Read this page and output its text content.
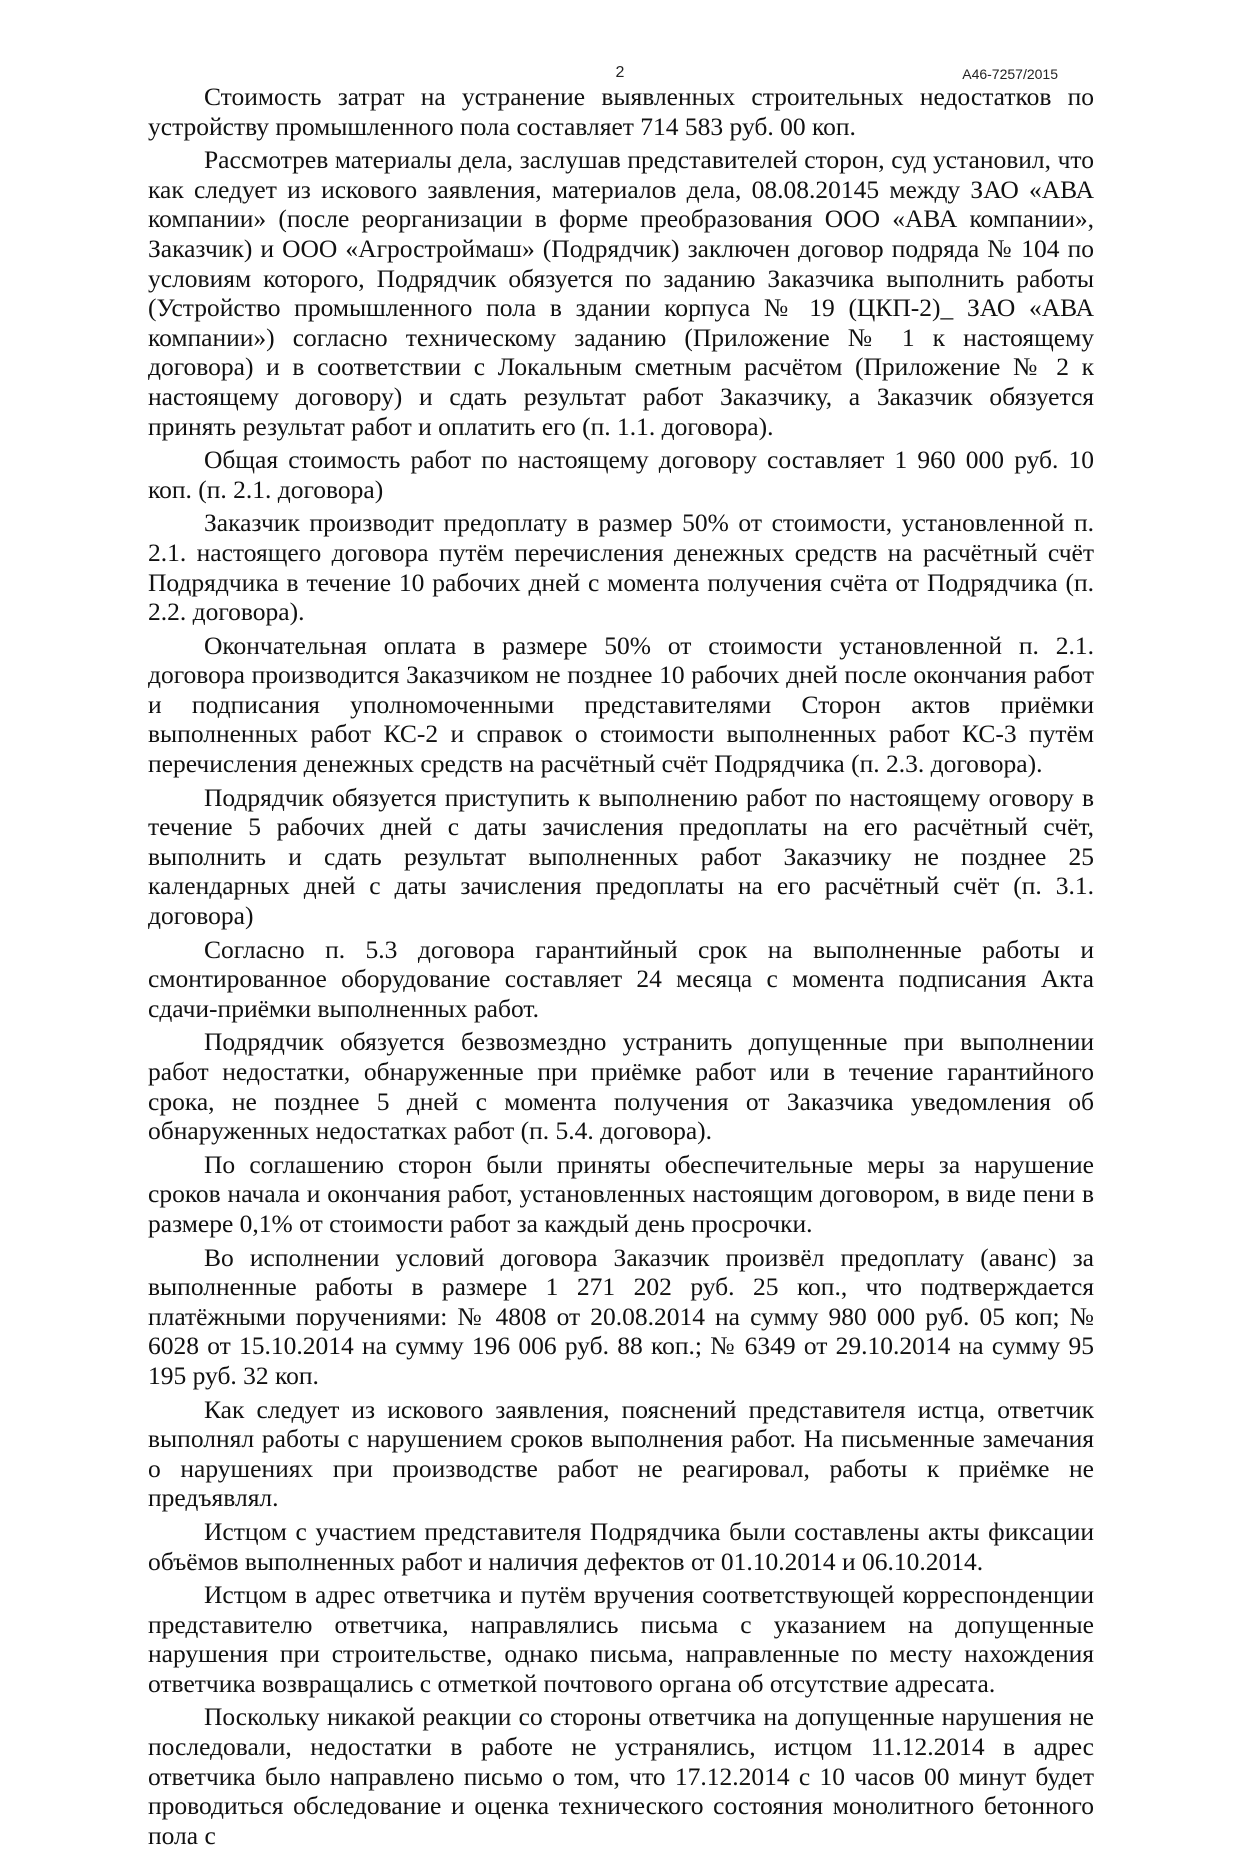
2	А46-7257/2015

Стоимость затрат на устранение выявленных строительных недостатков по устройству промышленного пола составляет 714 583 руб. 00 коп.

Рассмотрев материалы дела, заслушав представителей сторон, суд установил, что как следует из искового заявления, материалов дела, 08.08.20145 между ЗАО «АВА компании» (после реорганизации в форме преобразования ООО «АВА компании», Заказчик) и ООО «Агростроймаш» (Подрядчик) заключен договор подряда № 104 по условиям которого, Подрядчик обязуется по заданию Заказчика выполнить работы (Устройство промышленного пола в здании корпуса № 19 (ЦКП-2)_ ЗАО «АВА компании») согласно техническому заданию (Приложение № 1 к настоящему договора) и в соответствии с Локальным сметным расчётом (Приложение № 2 к настоящему договору) и сдать результат работ Заказчику, а Заказчик обязуется принять результат работ и оплатить его (п. 1.1. договора).

Общая стоимость работ по настоящему договору составляет 1 960 000 руб. 10 коп. (п. 2.1. договора)

Заказчик производит предоплату в размер 50% от стоимости, установленной п. 2.1. настоящего договора путём перечисления денежных средств на расчётный счёт Подрядчика в течение 10 рабочих дней с момента получения счёта от Подрядчика (п. 2.2. договора).

Окончательная оплата в размере 50% от стоимости установленной п. 2.1. договора производится Заказчиком не позднее 10 рабочих дней после окончания работ и подписания уполномоченными представителями Сторон актов приёмки выполненных работ КС-2 и справок о стоимости выполненных работ КС-3 путём перечисления денежных средств на расчётный счёт Подрядчика (п. 2.3. договора).

Подрядчик обязуется приступить к выполнению работ по настоящему оговору в течение 5 рабочих дней с даты зачисления предоплаты на его расчётный счёт, выполнить и сдать результат выполненных работ Заказчику не позднее 25 календарных дней с даты зачисления предоплаты на его расчётный счёт (п. 3.1. договора)

Согласно п. 5.3 договора гарантийный срок на выполненные работы и смонтированное оборудование составляет 24 месяца с момента подписания Акта сдачи-приёмки выполненных работ.

Подрядчик обязуется безвозмездно устранить допущенные при выполнении работ недостатки, обнаруженные при приёмке работ или в течение гарантийного срока, не позднее 5 дней с момента получения от Заказчика уведомления об обнаруженных недостатках работ (п. 5.4. договора).

По соглашению сторон были приняты обеспечительные меры за нарушение сроков начала и окончания работ, установленных настоящим договором, в виде пени в размере 0,1% от стоимости работ за каждый день просрочки.

Во исполнении условий договора Заказчик произвёл предоплату (аванс) за выполненные работы в размере 1 271 202 руб. 25 коп., что подтверждается платёжными поручениями: № 4808 от 20.08.2014 на сумму 980 000 руб. 05 коп; № 6028 от 15.10.2014 на сумму 196 006 руб. 88 коп.; № 6349 от 29.10.2014 на сумму 95 195 руб. 32 коп.

Как следует из искового заявления, пояснений представителя истца, ответчик выполнял работы с нарушением сроков выполнения работ. На письменные замечания о нарушениях при производстве работ не реагировал, работы к приёмке не предъявлял.

Истцом с участием представителя Подрядчика были составлены акты фиксации объёмов выполненных работ и наличия дефектов от 01.10.2014 и 06.10.2014.

Истцом в адрес ответчика и путём вручения соответствующей корреспонденции представителю ответчика, направлялись письма с указанием на допущенные нарушения при строительстве, однако письма, направленные по месту нахождения ответчика возвращались с отметкой почтового органа об отсутствие адресата.

Поскольку никакой реакции со стороны ответчика на допущенные нарушения не последовали, недостатки в работе не устранялись, истцом 11.12.2014 в адрес ответчика было направлено письмо о том, что 17.12.2014 с 10 часов 00 минут будет проводиться обследование и оценка технического состояния монолитного бетонного пола с
